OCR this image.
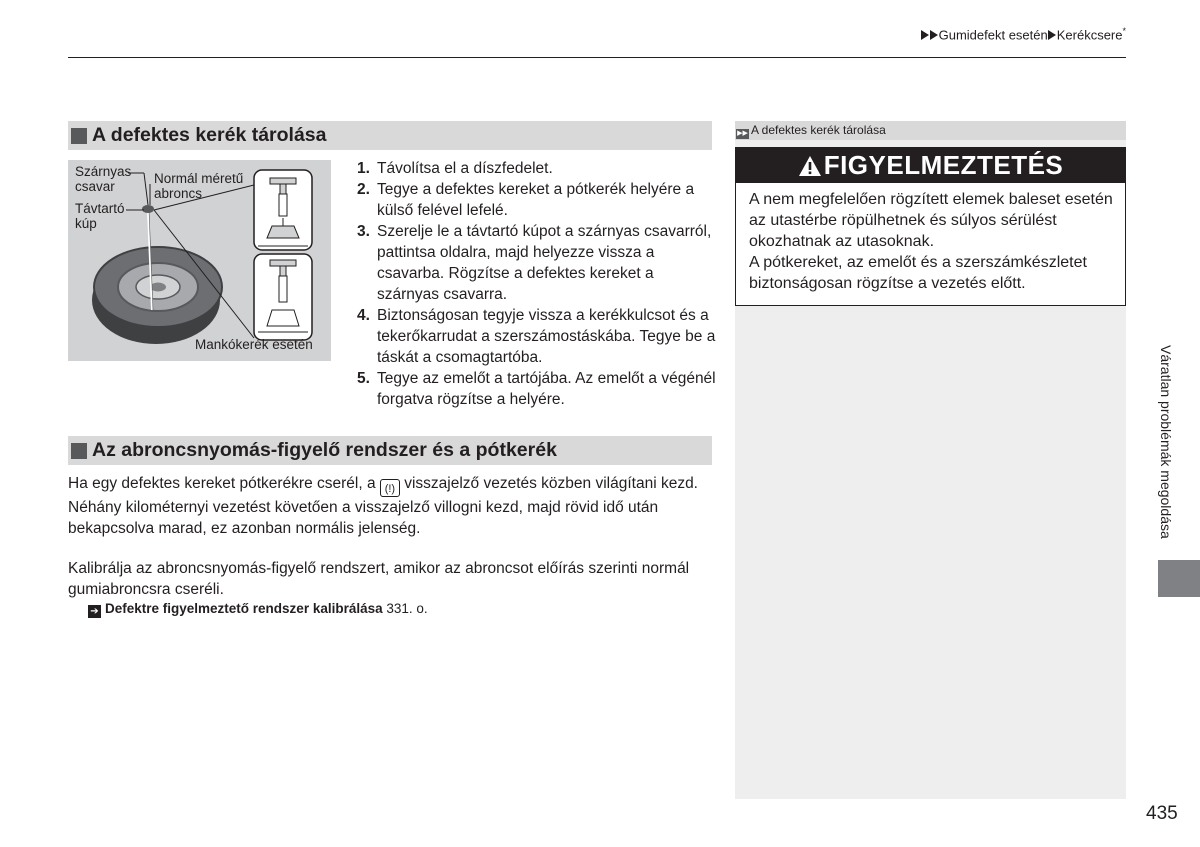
Gumidefekt esetén Kerékcsere*
A defektes kerék tárolása
Szárnyas
csavar
Normál méretű
abroncs
Távtartó
kúp
Mankókerék esetén
1. Távolítsa el a díszfedelet.
2. Tegye a defektes kereket a pótkerék helyére a külső felével lefelé.
3. Szerelje le a távtartó kúpot a szárnyas csavarról, pattintsa oldalra, majd helyezze vissza a csavarba. Rögzítse a defektes kereket a szárnyas csavarra.
4. Biztonságosan tegyje vissza a kerékkulcsot és a tekerőkarrudat a szerszámostáskába. Tegye be a táskát a csomagtartóba.
5. Tegye az emelőt a tartójába. Az emelőt a végénél forgatva rögzítse a helyére.
Az abroncsnyomás-figyelő rendszer és a pótkerék
Ha egy defektes kereket pótkerékre cserél, a (!) visszajelző vezetés közben világítani kezd. Néhány kilométernyi vezetést követően a visszajelző villogni kezd, majd rövid idő után bekapcsolva marad, ez azonban normális jelenség.
Kalibrálja az abroncsnyomás-figyelő rendszert, amikor az abroncsot előírás szerinti normál gumiabroncsra cseréli.
➔ Defektre figyelmeztető rendszer kalibrálása 331. o.
▶▶ A defektes kerék tárolása
FIGYELMEZTETÉS
A nem megfelelően rögzített elemek baleset esetén az utastérbe röpülhetnek és súlyos sérülést okozhatnak az utasoknak.
A pótkereket, az emelőt és a szerszámkészletet biztonságosan rögzítse a vezetés előtt.
Váratlan problémák megoldása
435
